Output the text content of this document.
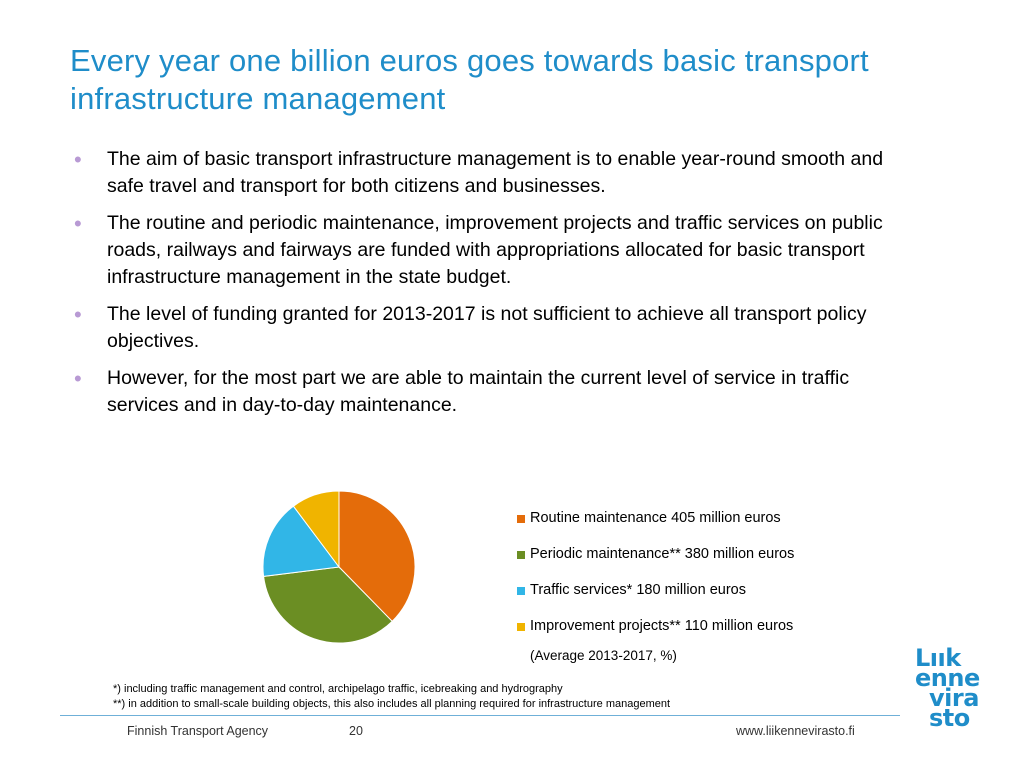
Every year one billion euros goes towards basic transport infrastructure management
• The aim of basic transport infrastructure management is to enable year-round smooth and safe travel and transport for both citizens and businesses.
• The routine and periodic maintenance, improvement projects and traffic services on public roads, railways and fairways are funded with appropriations allocated for basic transport infrastructure management in the state budget.
• The level of funding granted for 2013-2017 is not sufficient to achieve all transport policy objectives.
• However, for the most part we are able to maintain the current level of service in traffic services and in day-to-day maintenance.
Routine maintenance 405 million euros
Periodic maintenance** 380 million euros
Traffic services* 180 million euros
Improvement projects** 110 million euros
(Average 2013-2017, %)
*) including traffic management and control, archipelago traffic, icebreaking and hydrography
**) in addition to small-scale building objects, this also includes all planning required for infrastructure management
Finnish Transport Agency	20	www.liikennevirasto.fi
Lıık
enne
vira
sto
